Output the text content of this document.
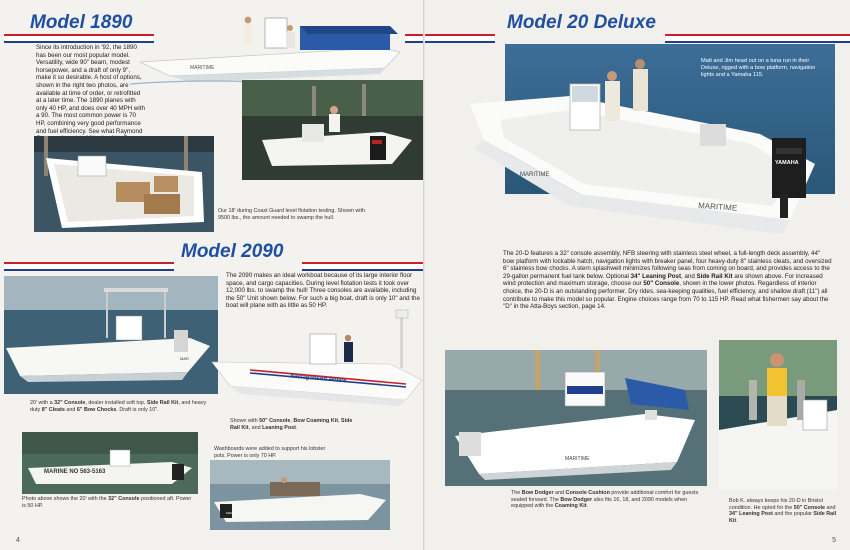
Model 1890
MARITIME
Since its introduction in '92, the 1890 has been our most popular model. Versatility, wide 90" beam, modest horsepower, and a draft of only 9", make it so desirable. A host of options, shown in the right two photos, are available at time of order, or retrofitted at a later time. The 1890 planes with only 40 HP, and does over 40 MPH with a 90. The most common power is 70 HP, combining very good performance and fuel efficiency. See what Raymond
Our 18' during Coast Guard level flotation testing. Shown with 9500 lbs., the amount needed to swamp the hull.
Model 2090
MAR
The 2090 makes an ideal workboat because of its large interior floor space, and cargo capacities. During level flotation tests it took over 12,000 lbs. to swamp the hull! Three consoles are available, including the 50" Unit shown below. For such a big boat, draft is only 10" and the boat will plane with as little as 50 HP.
Narragansett Police
20' with a 32" Console, dealer installed soft top, Side Rail Kit, and heavy duty 8" Cleats and 6" Bow Chocks. Draft is only 10".
Shown with 50" Console, Bow Coaming Kit, Side Rail Kit, and Leaning Post.
MARINE NO 563-5163
MARINE
Washboards were added to support his lobster pots. Power is only 70 HP.
Photo above shows the 20' with the 32" Console positioned aft. Power is 50 HP.
4
Model 20 Deluxe
MARITIME
YAMAHA
MARITIME
Matt and Jim head out on a tuna run in their Deluxe, rigged with a bow platform, navigation lights and a Yamaha 115.
The 20-D features a 32" console assembly, NFB steering with stainless steel wheel, a full-length deck assembly, 44" bow platform with lockable hatch, navigation lights with breaker panel, four heavy-duty 8" stainless cleats, and oversized 6" stainless bow chocks. A stern splashwell minimizes following seas from coming on board, and provides access to the 29-gallon permanent fuel tank below. Optional 34" Leaning Post, and Side Rail Kit are shown above. For increased wind protection and maximum storage, choose our 50" Console, shown in the lower photos. Regardless of interior choice, the 20-D is an outstanding performer. Dry rides, sea-keeping qualities, fuel efficiency, and shallow draft (11") all contribute to make this model so popular. Engine choices range from 70 to 115 HP. Read what fishermen say about the "D" in the Atta-Boys section, page 14.
MARITIME
The Bow Dodger and Console Cushion provide additional comfort for guests seated forward. The Bow Dodger also fits 16, 18, and 2090 models when equipped with the Coaming Kit.
Bob K. always keeps his 20-D in Bristol condition. He opted for the 50" Console and 34" Leaning Post and the popular Side Rail Kit.
5
